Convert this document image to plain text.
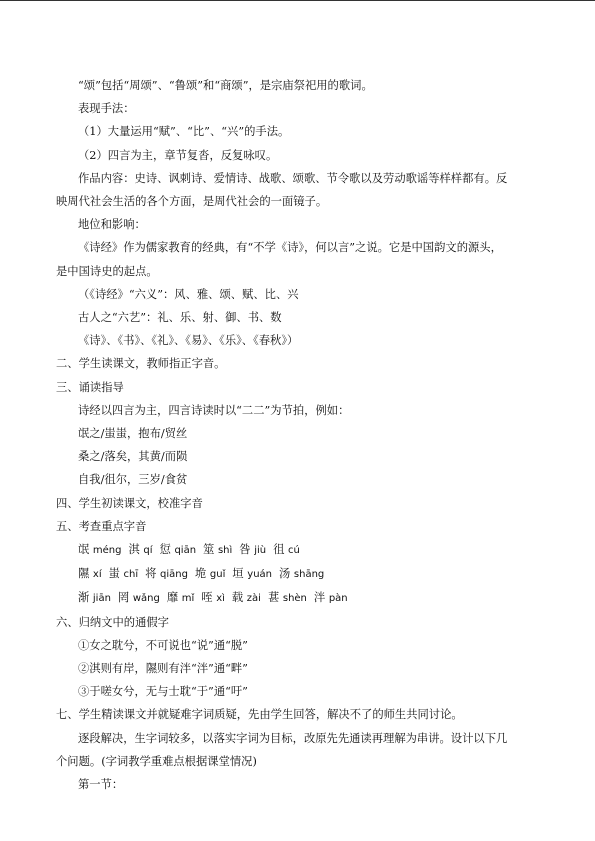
“颂”包括“周颂”、“鲁颂”和“商颂”，是宗庙祭祀用的歌词。
表现手法：
（1）大量运用“赋”、“比”、“兴”的手法。
（2）四言为主，章节复沓，反复咏叹。
作品内容：史诗、讽刺诗、爱情诗、战歌、颂歌、节令歌以及劳动歌谣等样样都有。反
映周代社会生活的各个方面，是周代社会的一面镜子。
地位和影响：
《诗经》作为儒家教育的经典，有“不学《诗》，何以言”之说。它是中国韵文的源头，
是中国诗史的起点。
（《诗经》“六义”：风、雅、颂、赋、比、兴
古人之“六艺”：礼、乐、射、御、书、数
《诗》、《书》、《礼》、《易》、《乐》、《春秋》）
二、学生读课文，教师指正字音。
三、诵读指导
诗经以四言为主，四言诗读时以“二二”为节拍，例如：
氓之/蚩蚩，抱布/贸丝
桑之/落矣，其黄/而陨
自我/徂尔，三岁/食贫
四、学生初读课文，校准字音
五、考查重点字音
氓 méng 淇 qí 愆 qiān 筮 shì 咎 jiù 徂 cú
隰 xí 蚩 chī 将 qiāng 垝 guǐ 垣 yuán 汤 shāng
渐 jiān 罔 wǎng 靡 mǐ 咥 xì 载 zài 葚 shèn 泮 pàn
六、归纳文中的通假字
①女之耽兮，不可说也“说”通“脱”
②淇则有岸，隰则有泮“泮”通“畔”
③于嗟女兮，无与士耽“于”通“吁”
七、学生精读课文并就疑难字词质疑，先由学生回答，解决不了的师生共同讨论。
逐段解决，生字词较多，以落实字词为目标，改原先先通读再理解为串讲。设计以下几
个问题。(字词教学重难点根据课堂情况)
第一节：
